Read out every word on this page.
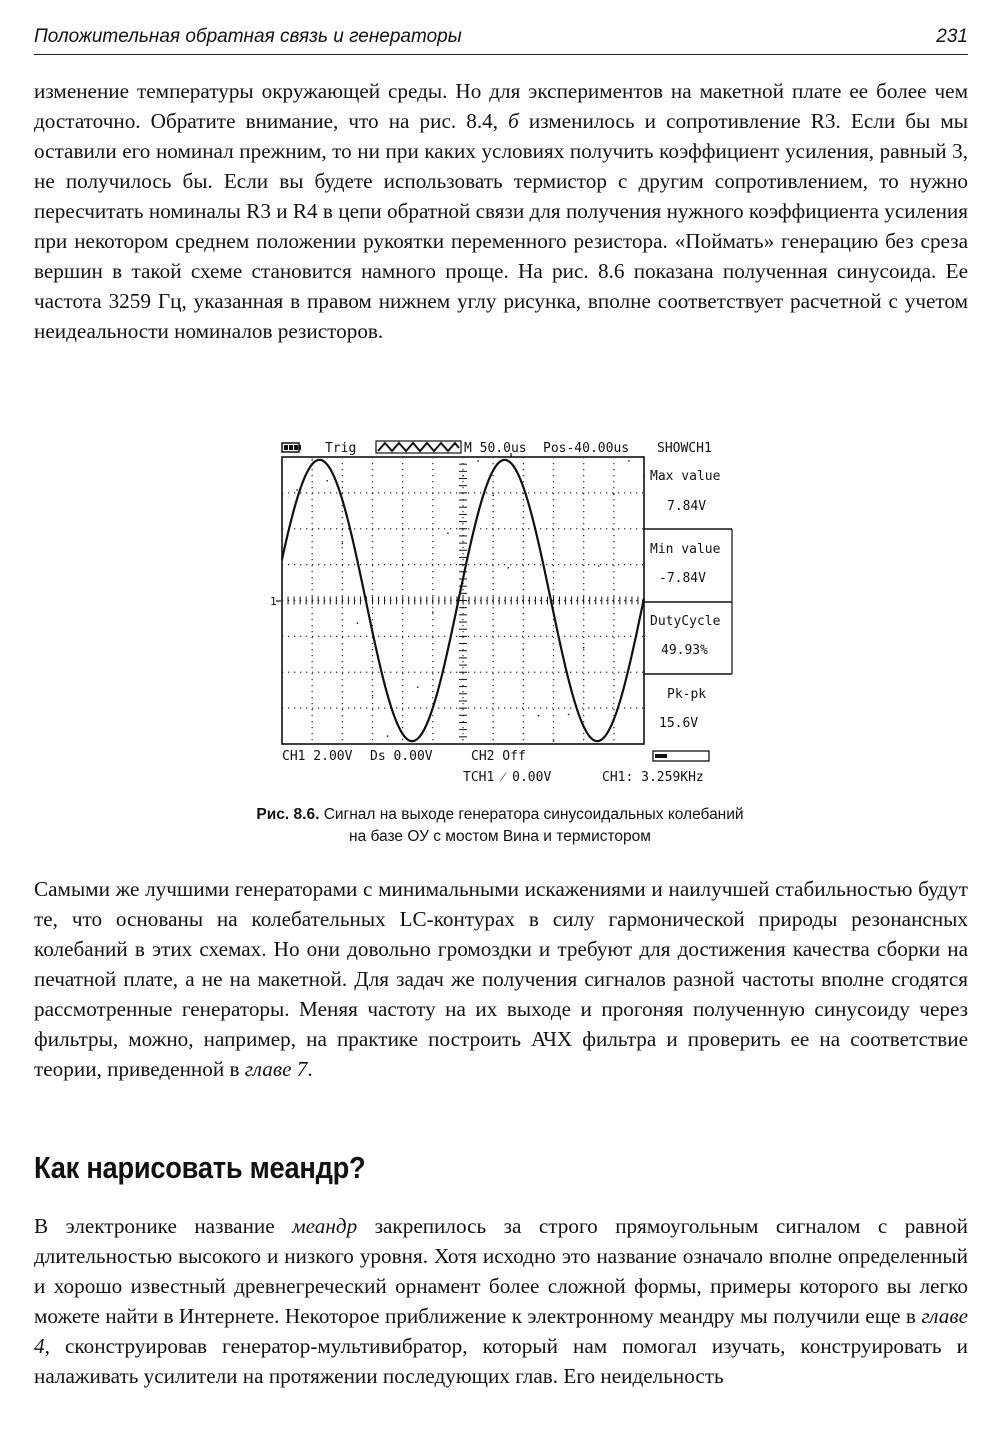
Положительная обратная связь и генераторы	231

изменение температуры окружающей среды. Но для экспериментов на макетной плате ее более чем достаточно. Обратите внимание, что на рис. 8.4, б изменилось и сопротивление R3. Если бы мы оставили его номинал прежним, то ни при каких условиях получить коэффициент усиления, равный 3, не получилось бы. Если вы будете использовать термистор с другим сопротивлением, то нужно пересчитать номиналы R3 и R4 в цепи обратной связи для получения нужного коэффициента усиления при некотором среднем положении рукоятки переменного резистора. «Поймать» генерацию без среза вершин в такой схеме становится намного проще. На рис. 8.6 показана полученная синусоида. Ее частота 3259 Гц, указанная в правом нижнем углу рисунка, вполне соответствует расчетной с учетом неидеальности номиналов резисторов.

Trig	M 50.0us Pos-40.00us SHOWCH1
1
Max value
7.84V
Min value
-7.84V
DutyCycle
49.93%
Pk-pk
15.6V
CH1 2.00V Ds 0.00V	CH2 Off
TCH1 ⁄ 0.00V	CH1: 3.259KHz
Рис. 8.6. Сигнал на выходе генератора синусоидальных колебаний
на базе ОУ с мостом Вина и термистором

Самыми же лучшими генераторами с минимальными искажениями и наилучшей стабильностью будут те, что основаны на колебательных LC-контурах в силу гармонической природы резонансных колебаний в этих схемах. Но они довольно громоздки и требуют для достижения качества сборки на печатной плате, а не на макетной. Для задач же получения сигналов разной частоты вполне сгодятся рассмотренные генераторы. Меняя частоту на их выходе и прогоняя полученную синусоиду через фильтры, можно, например, на практике построить АЧХ фильтра и проверить ее на соответствие теории, приведенной в главе 7.

Как нарисовать меандр?

В электронике название меандр закрепилось за строго прямоугольным сигналом с равной длительностью высокого и низкого уровня. Хотя исходно это название означало вполне определенный и хорошо известный древнегреческий орнамент более сложной формы, примеры которого вы легко можете найти в Интернете. Некоторое приближение к электронному меандру мы получили еще в главе 4, сконструировав генератор-мультивибратор, который нам помогал изучать, конструировать и налаживать усилители на протяжении последующих глав. Его неидельность
